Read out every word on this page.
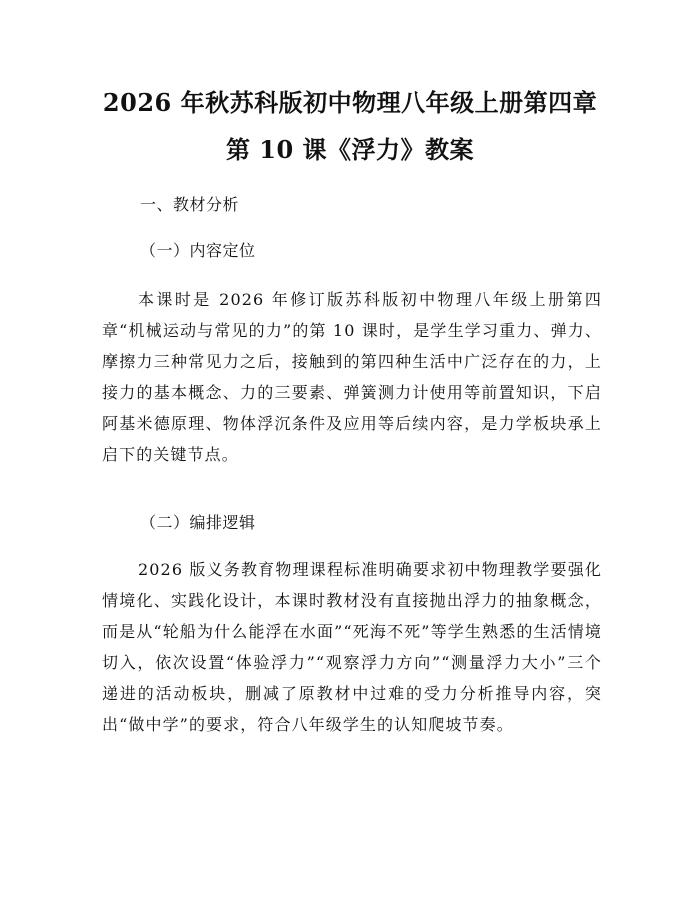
2026 年秋苏科版初中物理八年级上册第四章
第 10 课《浮力》教案
一、教材分析
（一）内容定位

本课时是 2026 年修订版苏科版初中物理八年级上册第四章“机械运动与常见的力”的第 10 课时，是学生学习重力、弹力、摩擦力三种常见力之后，接触到的第四种生活中广泛存在的力，上接力的基本概念、力的三要素、弹簧测力计使用等前置知识，下启阿基米德原理、物体浮沉条件及应用等后续内容，是力学板块承上启下的关键节点。

（二）编排逻辑

2026 版义务教育物理课程标准明确要求初中物理教学要强化情境化、实践化设计，本课时教材没有直接抛出浮力的抽象概念，而是从“轮船为什么能浮在水面”“死海不死”等学生熟悉的生活情境切入，依次设置“体验浮力”“观察浮力方向”“测量浮力大小”三个递进的活动板块，删减了原教材中过难的受力分析推导内容，突出“做中学”的要求，符合八年级学生的认知爬坡节奏。
